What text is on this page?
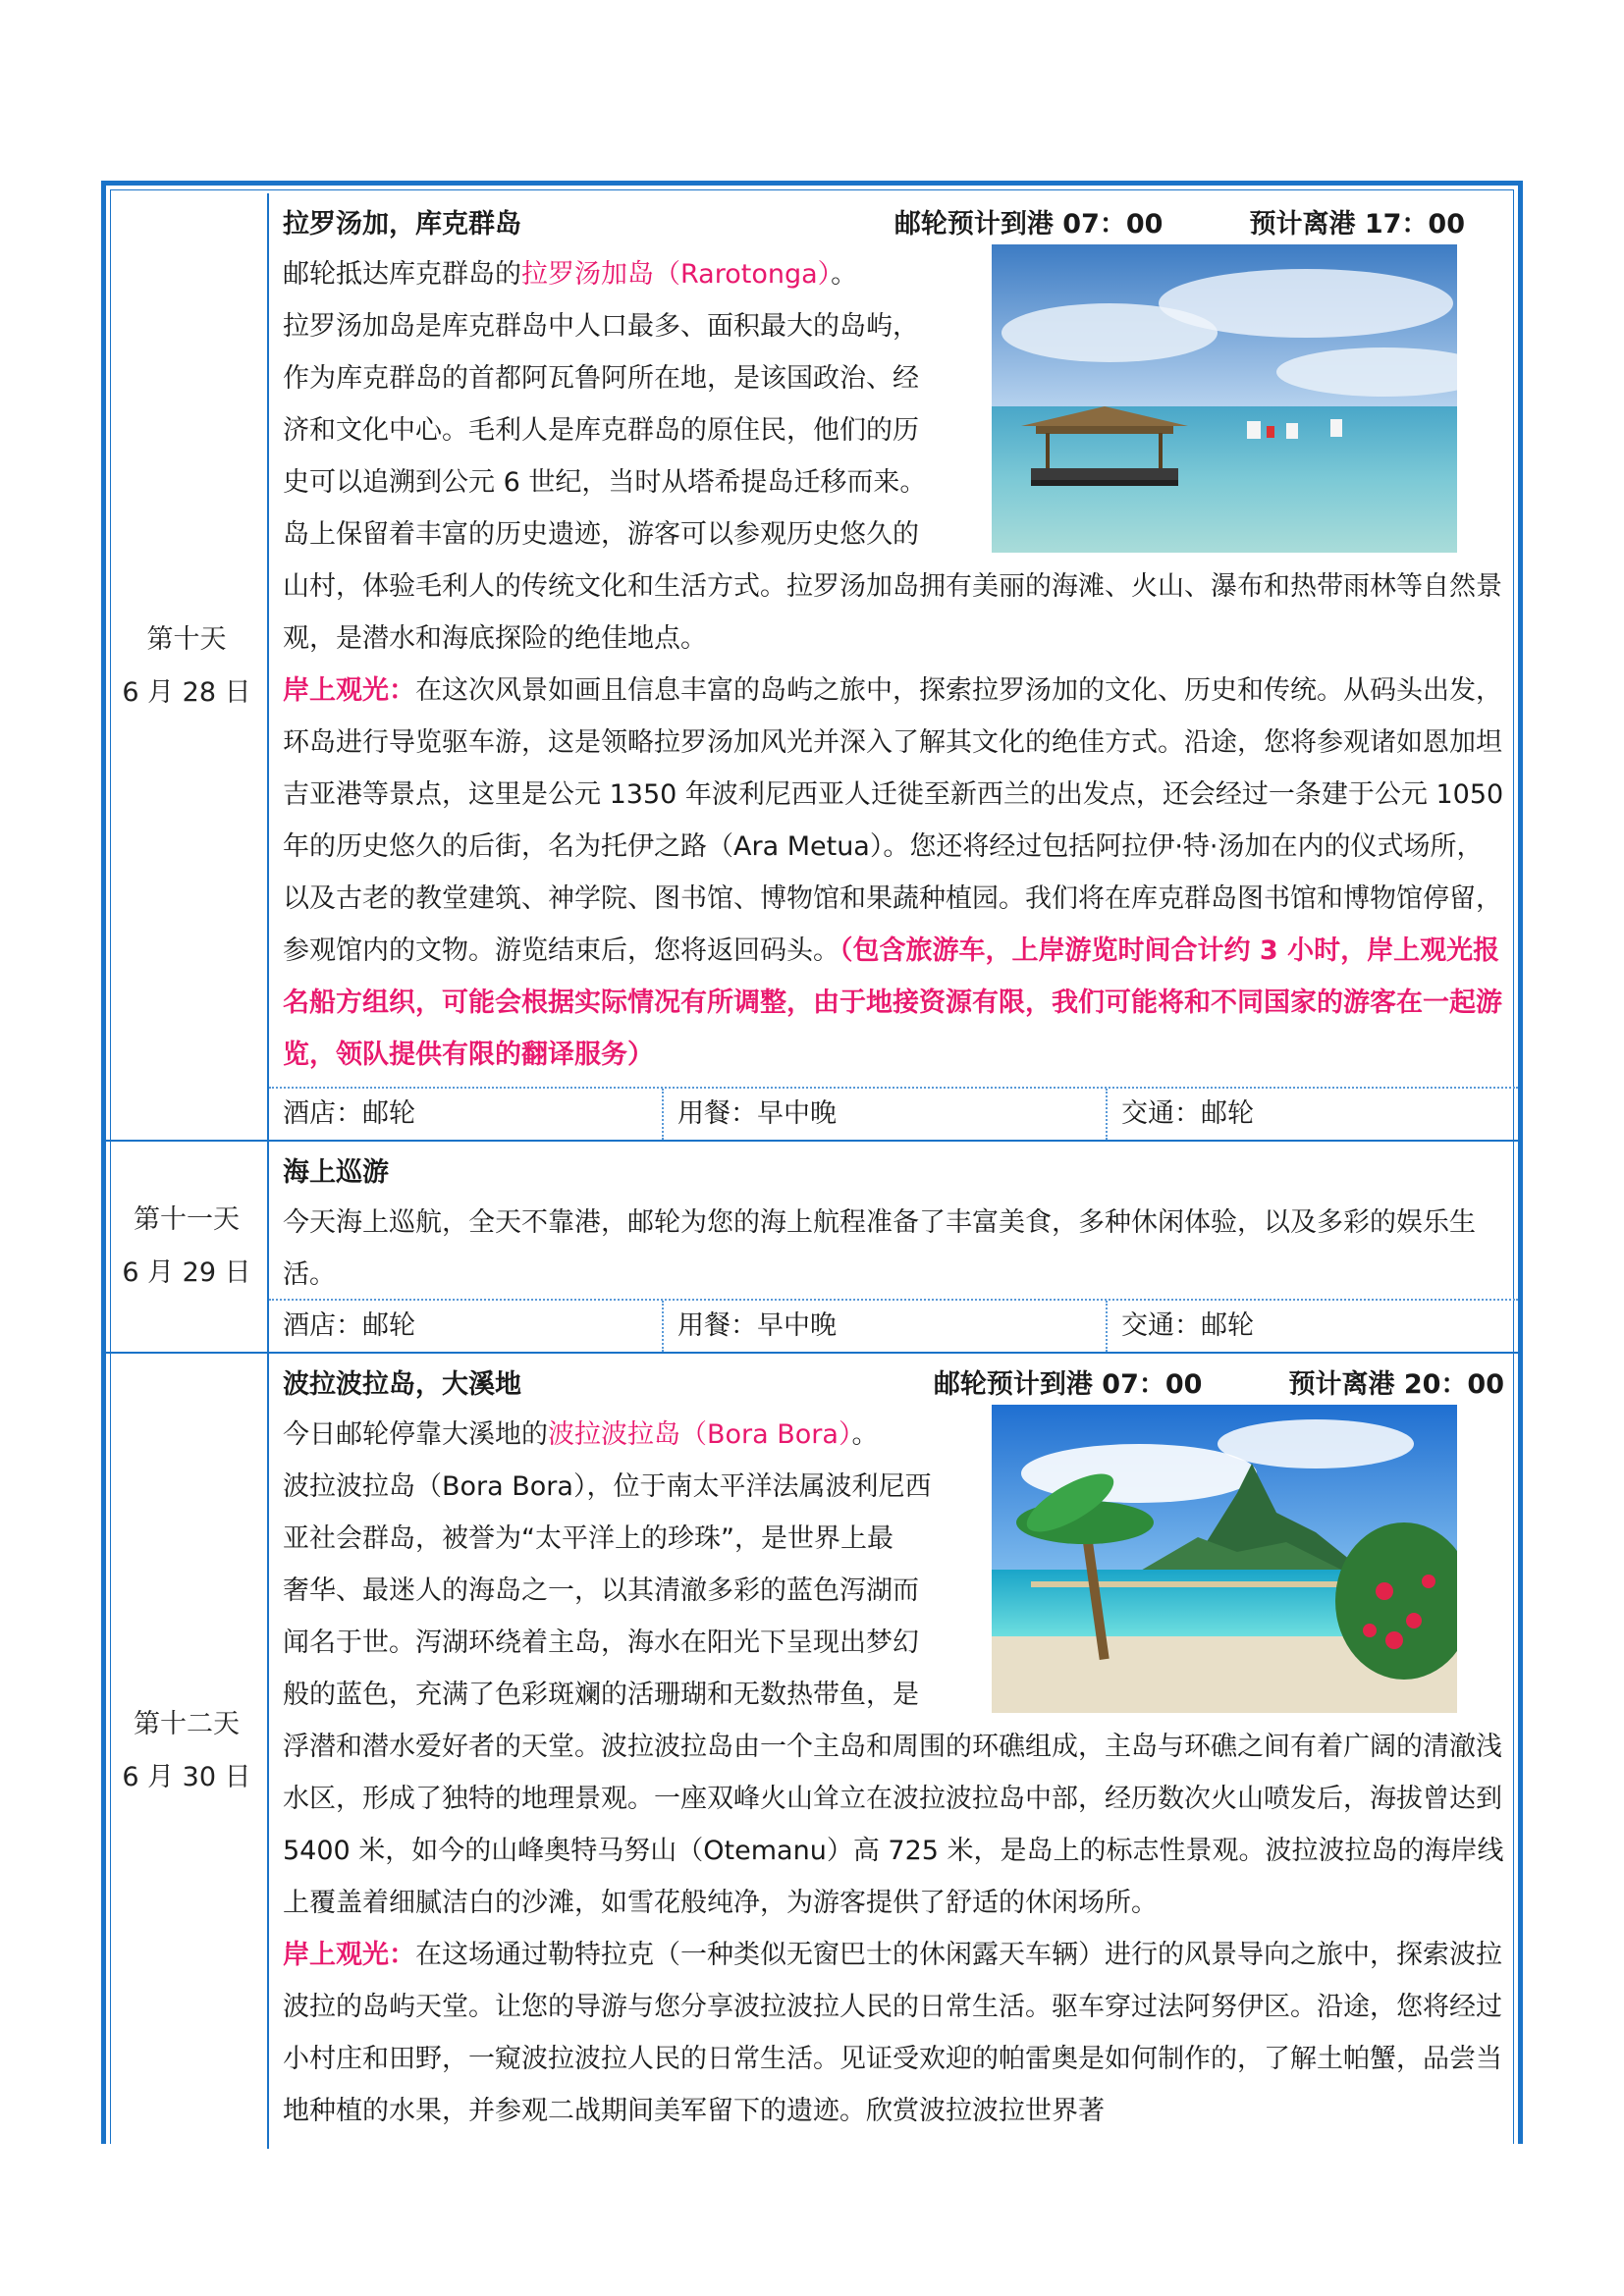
第十天
6 月 28 日
拉罗汤加，库克群岛	邮轮预计到港 07：00	预计离港 17：00

邮轮抵达库克群岛的拉罗汤加岛（Rarotonga）。

拉罗汤加岛是库克群岛中人口最多、面积最大的岛屿，

作为库克群岛的首都阿瓦鲁阿所在地，是该国政治、经

济和文化中心。毛利人是库克群岛的原住民，他们的历

史可以追溯到公元 6 世纪，当时从塔希提岛迁移而来。

岛上保留着丰富的历史遗迹，游客可以参观历史悠久的

山村，体验毛利人的传统文化和生活方式。拉罗汤加岛拥有美丽的海滩、火山、瀑布和热带雨林等自然景观，是潜水和海底探险的绝佳地点。

岸上观光：在这次风景如画且信息丰富的岛屿之旅中，探索拉罗汤加的文化、历史和传统。从码头出发，环岛进行导览驱车游，这是领略拉罗汤加风光并深入了解其文化的绝佳方式。沿途，您将参观诸如恩加坦吉亚港等景点，这里是公元 1350 年波利尼西亚人迁徙至新西兰的出发点，还会经过一条建于公元 1050 年的历史悠久的后街，名为托伊之路（Ara Metua）。您还将经过包括阿拉伊·特·汤加在内的仪式场所，以及古老的教堂建筑、神学院、图书馆、博物馆和果蔬种植园。我们将在库克群岛图书馆和博物馆停留，参观馆内的文物。游览结束后，您将返回码头。（包含旅游车，上岸游览时间合计约 3 小时，岸上观光报名船方组织，可能会根据实际情况有所调整，由于地接资源有限，我们可能将和不同国家的游客在一起游览，领队提供有限的翻译服务）

酒店：邮轮	用餐：早中晚	交通：邮轮
第十一天
6 月 29 日
海上巡游

今天海上巡航，全天不靠港，邮轮为您的海上航程准备了丰富美食，多种休闲体验，以及多彩的娱乐生活。

酒店：邮轮	用餐：早中晚	交通：邮轮
第十二天
6 月 30 日
波拉波拉岛，大溪地	邮轮预计到港 07：00	预计离港 20：00

今日邮轮停靠大溪地的波拉波拉岛（Bora Bora）。

波拉波拉岛（Bora Bora），位于南太平洋法属波利尼西

亚社会群岛，被誉为“太平洋上的珍珠”，是世界上最

奢华、最迷人的海岛之一，以其清澈多彩的蓝色泻湖而

闻名于世。泻湖环绕着主岛，海水在阳光下呈现出梦幻

般的蓝色，充满了色彩斑斓的活珊瑚和无数热带鱼，是

浮潜和潜水爱好者的天堂。波拉波拉岛由一个主岛和周围的环礁组成，主岛与环礁之间有着广阔的清澈浅水区，形成了独特的地理景观。一座双峰火山耸立在波拉波拉岛中部，经历数次火山喷发后，海拔曾达到 5400 米，如今的山峰奥特马努山（Otemanu）高 725 米，是岛上的标志性景观。波拉波拉岛的海岸线上覆盖着细腻洁白的沙滩，如雪花般纯净，为游客提供了舒适的休闲场所。

岸上观光：在这场通过勒特拉克（一种类似无窗巴士的休闲露天车辆）进行的风景导向之旅中，探索波拉波拉的岛屿天堂。让您的导游与您分享波拉波拉人民的日常生活。驱车穿过法阿努伊区。沿途，您将经过小村庄和田野，一窥波拉波拉人民的日常生活。见证受欢迎的帕雷奥是如何制作的，了解土帕蟹，品尝当地种植的水果，并参观二战期间美军留下的遗迹。欣赏波拉波拉世界著
